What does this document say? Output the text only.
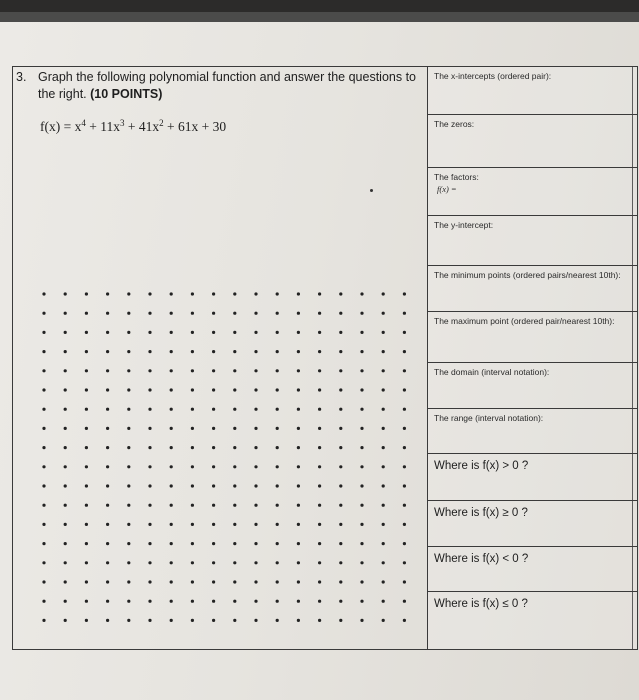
3. Graph the following polynomial function and answer the questions to the right. (10 POINTS)
$f(x) = x^4 + 11x^3 + 41x^2 + 61x + 30$
The x-intercepts (ordered pair):
The zeros:
The factors:
f(x) =
The y-intercept:
The minimum points (ordered pairs/nearest 10th):
The maximum point (ordered pair/nearest 10th):
The domain (interval notation):
The range (interval notation):
Where is f(x) > 0 ?
Where is f(x) ≥ 0 ?
Where is f(x) < 0 ?
Where is f(x) ≤ 0 ?
